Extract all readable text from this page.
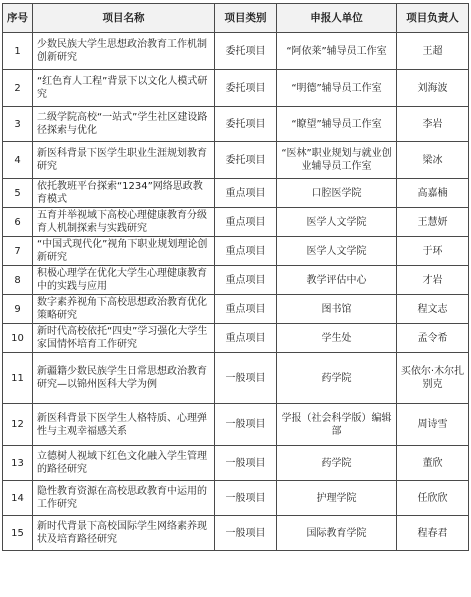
序号	项目名称	项目类别	申报人单位	项目负责人
1	少数民族大学生思想政治教育工作机制创新研究	委托项目	“阿依莱”辅导员工作室	王超
2	“红色育人工程”背景下以文化人模式研究	委托项目	“明德”辅导员工作室	刘海波
3	二级学院高校“一站式”学生社区建设路径探索与优化	委托项目	“瞭望”辅导员工作室	李岩
4	新医科背景下医学生职业生涯规划教育研究	委托项目	“医林”职业规划与就业创业辅导员工作室	梁冰
5	依托教班平台探索“1234”网络思政教育模式	重点项目	口腔医学院	高嘉楠
6	五育并举视域下高校心理健康教育分级育人机制探索与实践研究	重点项目	医学人文学院	王慧妍
7	“中国式现代化”视角下职业规划理论创新研究	重点项目	医学人文学院	于环
8	积极心理学在优化大学生心理健康教育中的实践与应用	重点项目	教学评估中心	才岩
9	数字素养视角下高校思想政治教育优化策略研究	重点项目	图书馆	程文志
10	新时代高校依托“四史”学习强化大学生家国情怀培育工作研究	重点项目	学生处	孟令希
11	新疆籍少数民族学生日常思想政治教育研究—以锦州医科大学为例	一般项目	药学院	买依尔·木尔扎别克
12	新医科背景下医学生人格特质、心理弹性与主观幸福感关系	一般项目	学报（社会科学版）编辑部	周诗雪
13	立德树人视域下红色文化融入学生管理的路径研究	一般项目	药学院	董欣
14	隐性教育资源在高校思政教育中运用的工作研究	一般项目	护理学院	任欣欣
15	新时代背景下高校国际学生网络素养现状及培育路径研究	一般项目	国际教育学院	程春君
